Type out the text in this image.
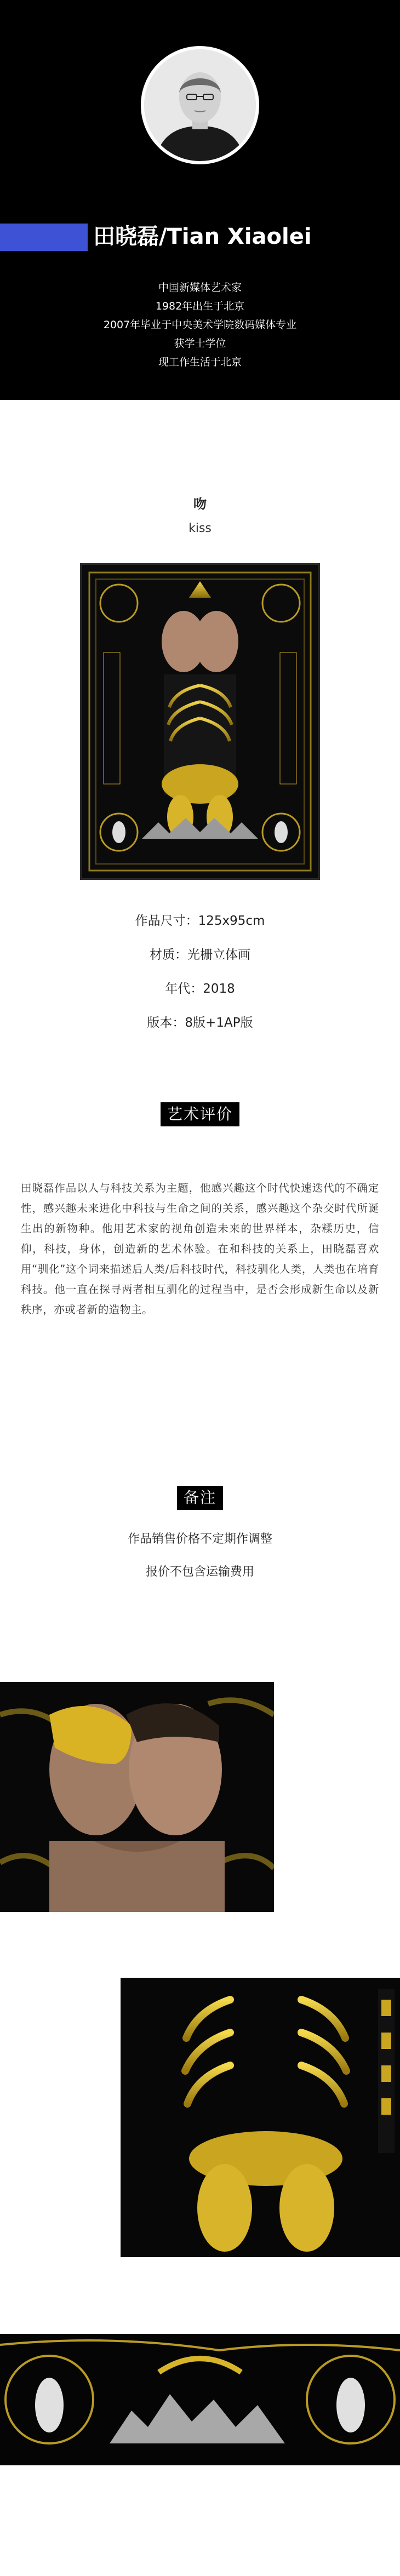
田晓磊/Tian Xiaolei
中国新媒体艺术家
1982年出生于北京
2007年毕业于中央美术学院数码媒体专业
获学士学位
现工作生活于北京
吻
kiss
作品尺寸：125x95cm
材质：光栅立体画
年代：2018
版本：8版+1AP版
艺术评价

田晓磊作品以人与科技关系为主题，他感兴趣这个时代快速迭代的不确定性，感兴趣未来进化中科技与生命之间的关系，感兴趣这个杂交时代所诞生出的新物种。他用艺术家的视角创造未来的世界样本，杂糅历史，信仰，科技，身体，创造新的艺术体验。在和科技的关系上，田晓磊喜欢用“驯化”这个词来描述后人类/后科技时代，科技驯化人类，人类也在培育科技。他一直在探寻两者相互驯化的过程当中，是否会形成新生命以及新秩序，亦或者新的造物主。

备注
作品销售价格不定期作调整
报价不包含运输费用
